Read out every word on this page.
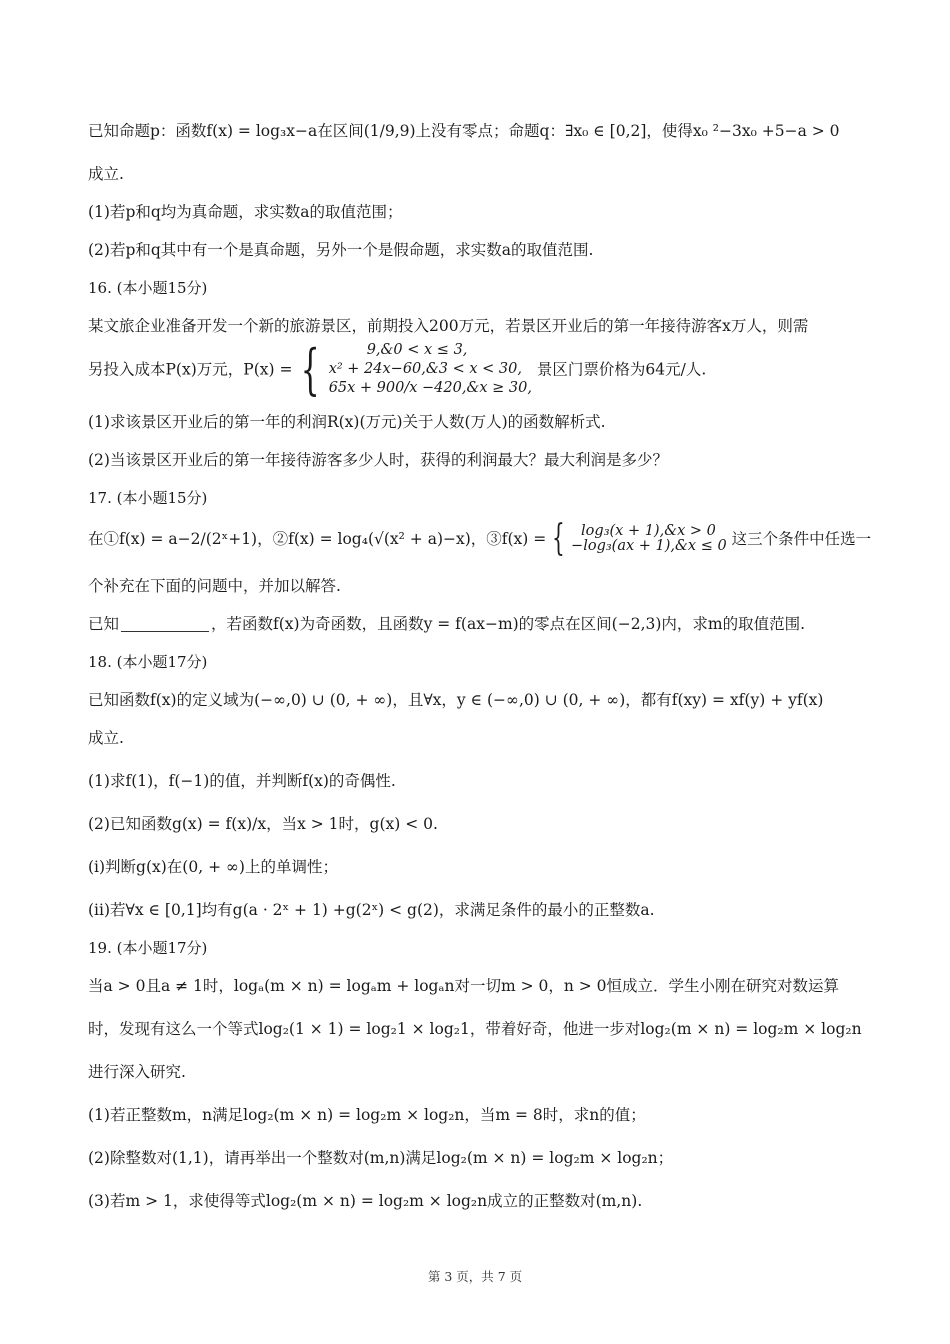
已知命题p：函数f(x) = log₃x−a在区间(1/9,9)上没有零点；命题q：∃x₀ ∈ [0,2]，使得x₀ ²−3x₀ +5−a > 0

成立.

(1)若p和q均为真命题，求实数a的取值范围；

(2)若p和q其中有一个是真命题，另外一个是假命题，求实数a的取值范围.

16. (本小题15分)

某文旅企业准备开发一个新的旅游景区，前期投入200万元，若景区开业后的第一年接待游客x万人，则需

另投入成本P(x)万元，P(x) = {	9,&0 < x ≤ 3,
x² + 24x−60,&3 < x < 30,
65x + 900/x −420,&x ≥ 30,
景区门票价格为64元/人.

(1)求该景区开业后的第一年的利润R(x)(万元)关于人数(万人)的函数解析式.

(2)当该景区开业后的第一年接待游客多少人时，获得的利润最大？最大利润是多少？

17. (本小题15分)

在①f(x) = a−2/(2ˣ+1)，②f(x) = log₄(√(x² + a)−x)，③f(x) = {	log₃(x + 1),&x > 0
−log₃(ax + 1),&x ≤ 0 这三个条件中任选一

个补充在下面的问题中，并加以解答.

已知	，若函数f(x)为奇函数，且函数y = f(ax−m)的零点在区间(−2,3)内，求m的取值范围.

18. (本小题17分)

已知函数f(x)的定义域为(−∞,0) ∪ (0, + ∞)，且∀x，y ∈ (−∞,0) ∪ (0, + ∞)，都有f(xy) = xf(y) + yf(x)

成立.

(1)求f(1)，f(−1)的值，并判断f(x)的奇偶性.

(2)已知函数g(x) = f(x)/x，当x > 1时，g(x) < 0.

(i)判断g(x)在(0, + ∞)上的单调性；

(ii)若∀x ∈ [0,1]均有g(a · 2ˣ + 1) +g(2ˣ) < g(2)，求满足条件的最小的正整数a.

19. (本小题17分)

当a > 0且a ≠ 1时，logₐ(m × n) = logₐm + logₐn对一切m > 0，n > 0恒成立．学生小刚在研究对数运算

时，发现有这么一个等式log₂(1 × 1) = log₂1 × log₂1，带着好奇，他进一步对log₂(m × n) = log₂m × log₂n

进行深入研究.

(1)若正整数m，n满足log₂(m × n) = log₂m × log₂n，当m = 8时，求n的值；

(2)除整数对(1,1)，请再举出一个整数对(m,n)满足log₂(m × n) = log₂m × log₂n；

(3)若m > 1，求使得等式log₂(m × n) = log₂m × log₂n成立的正整数对(m,n).

第 3 页，共 7 页
